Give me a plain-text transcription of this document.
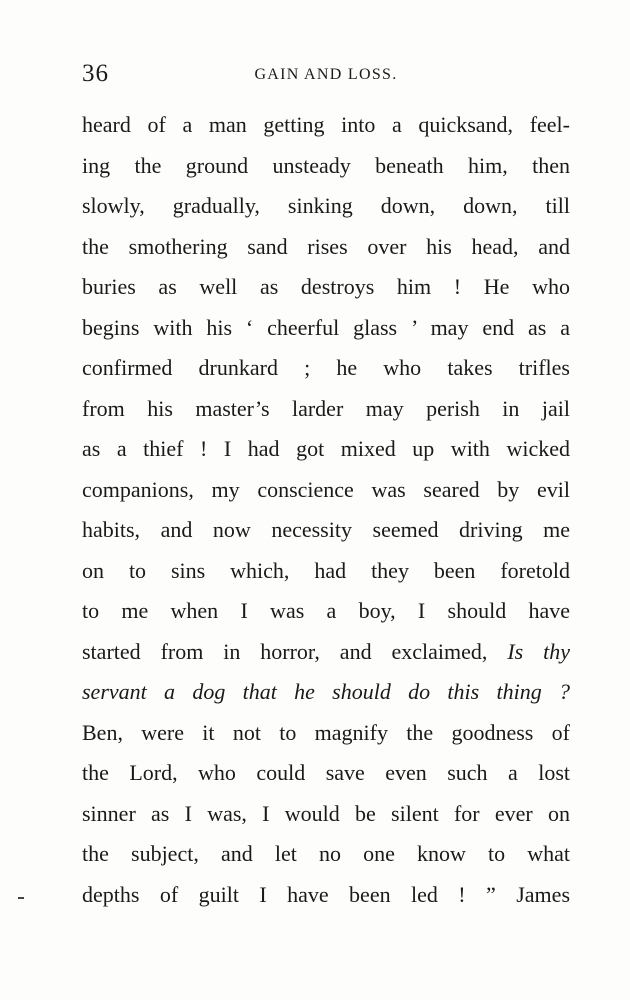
36	GAIN AND LOSS.
heard of a man getting into a quicksand, feel-
ing the ground unsteady beneath him, then
slowly, gradually, sinking down, down, till
the smothering sand rises over his head, and
buries as well as destroys him ! He who
begins with his ‘ cheerful glass ’ may end as a
confirmed drunkard ; he who takes trifles
from his master’s larder may perish in jail
as a thief ! I had got mixed up with wicked
companions, my conscience was seared by evil
habits, and now necessity seemed driving me
on to sins which, had they been foretold
to me when I was a boy, I should have
started from in horror, and exclaimed, Is thy
servant a dog that he should do this thing ?
Ben, were it not to magnify the goodness of
the Lord, who could save even such a lost
sinner as I was, I would be silent for ever on
the subject, and let no one know to what
depths of guilt I have been led ! ” James
